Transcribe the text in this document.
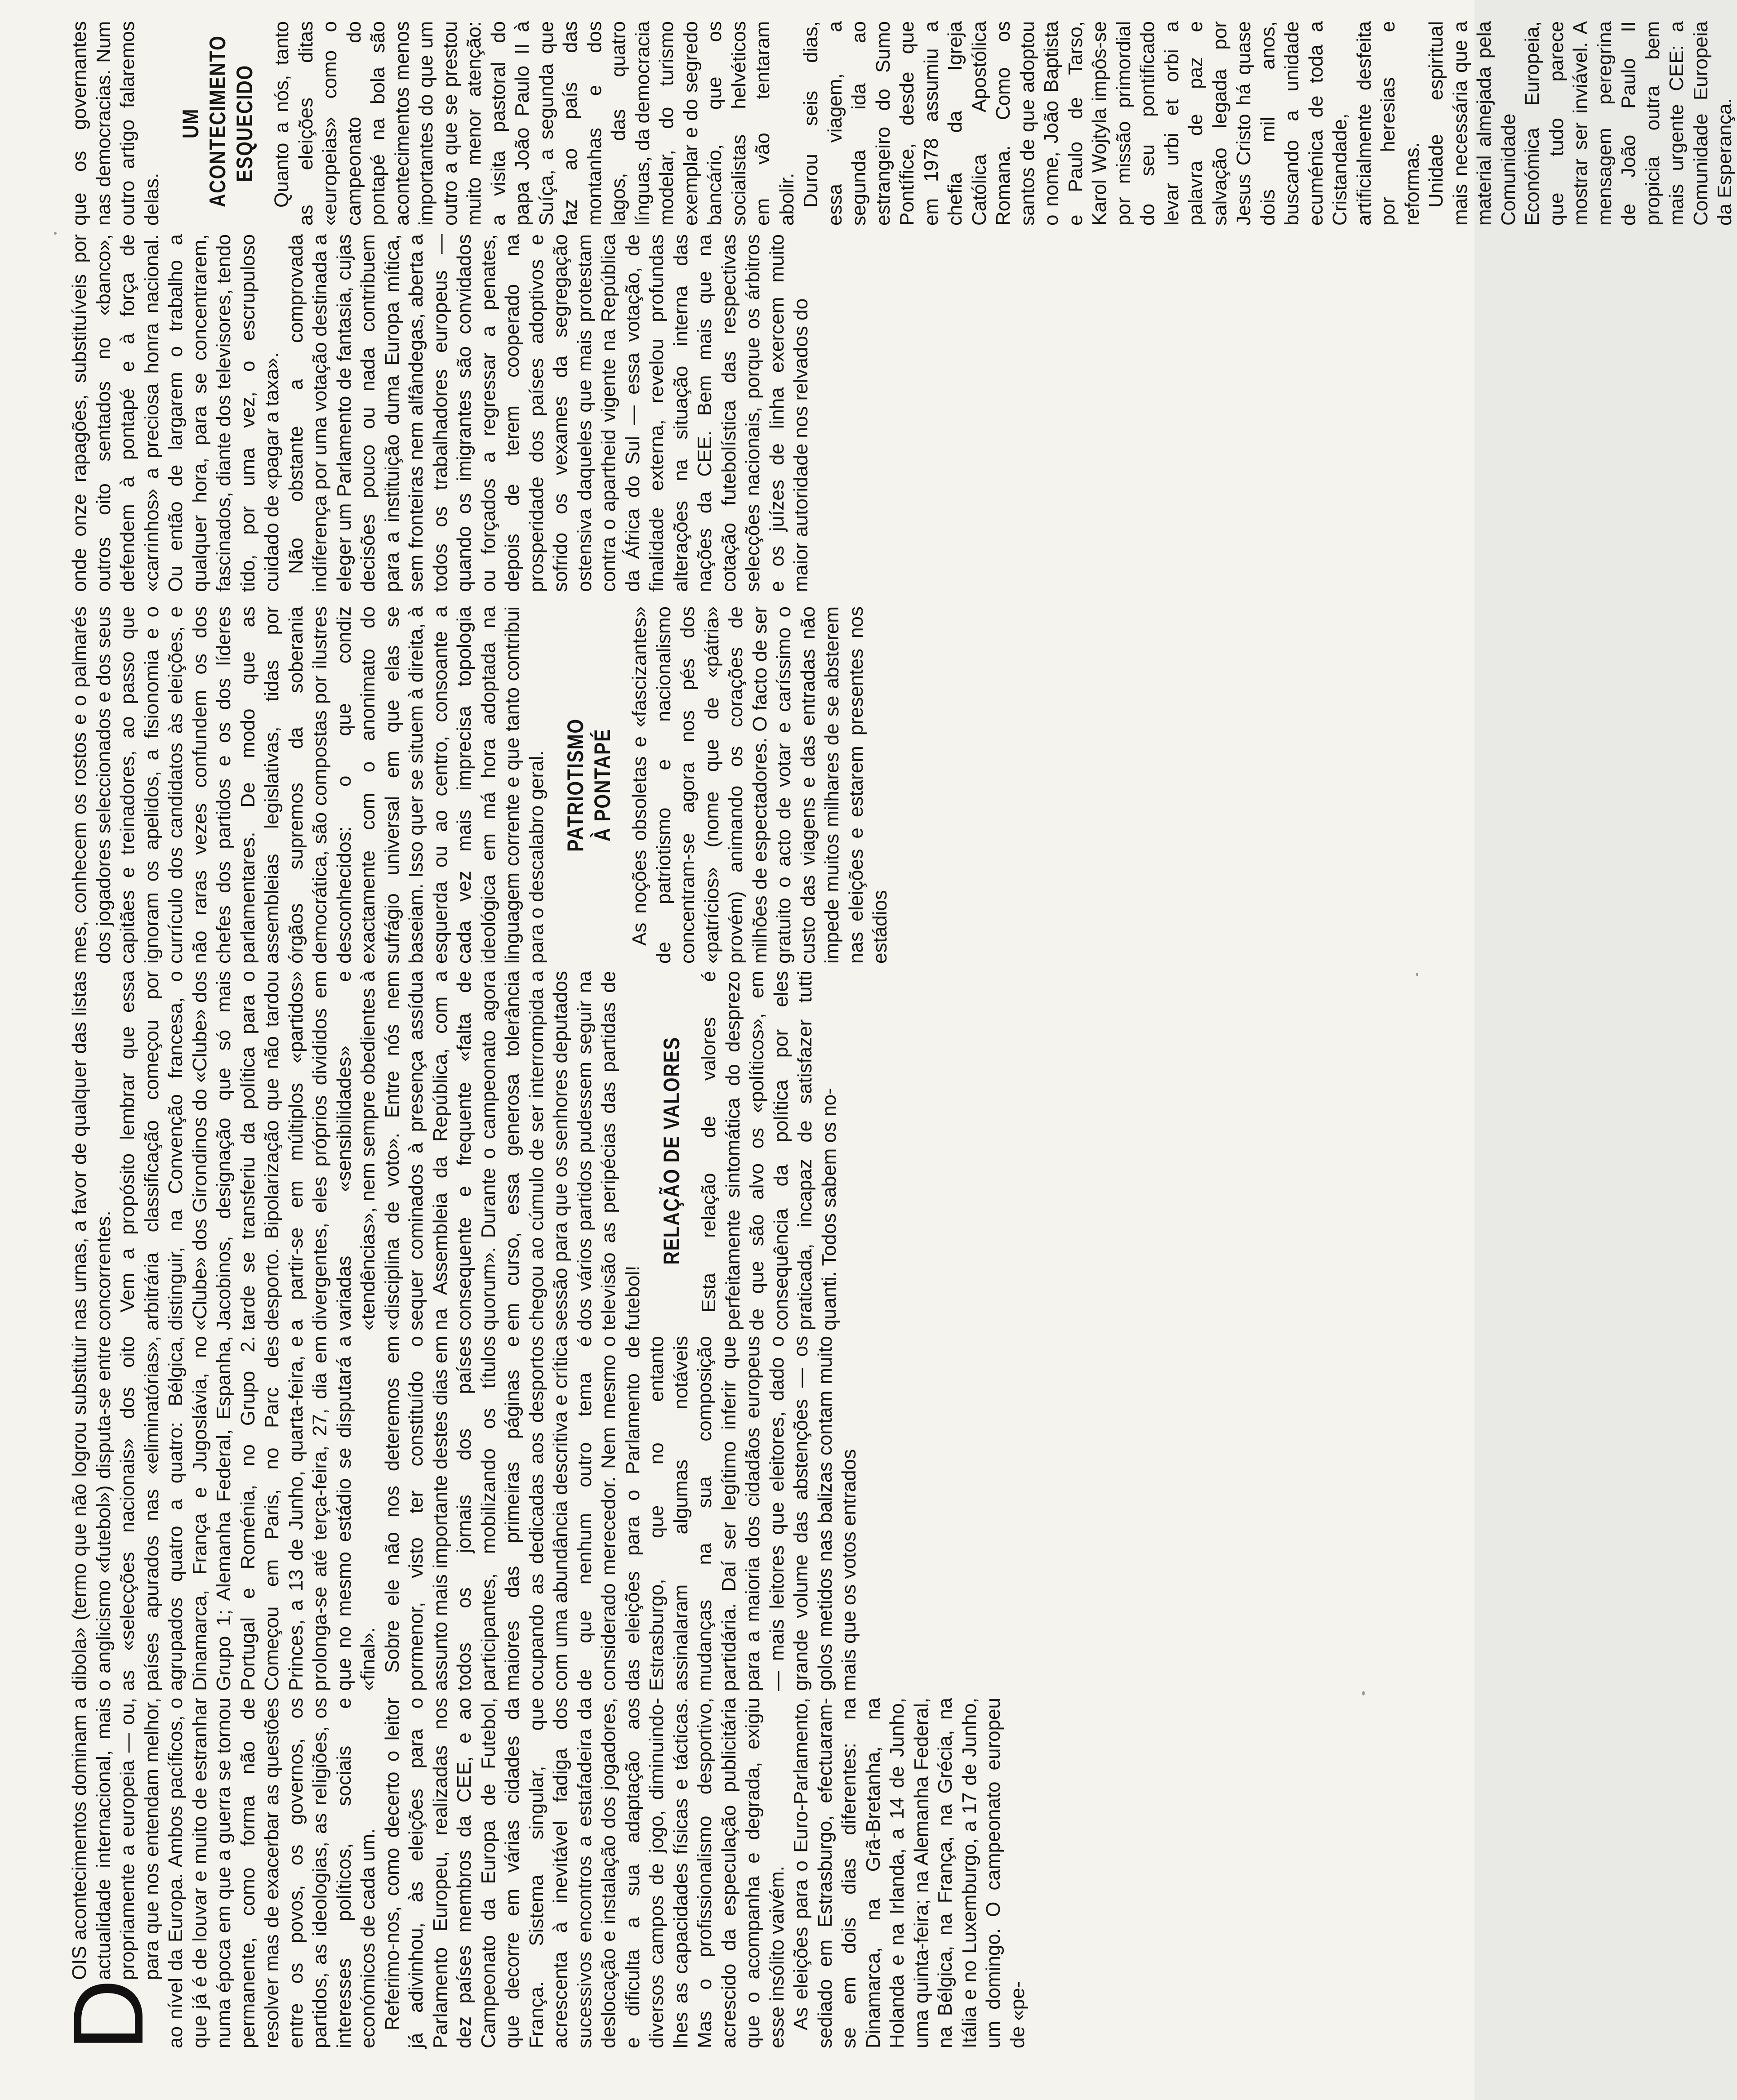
D

OIS acontecimentos dominam a actualidade internacional, mais propriamente a europeia — ou, para que nos entendam melhor, ao nível da Europa. Ambos pacíficos, o que já é de louvar e muito de estranhar numa época em que a guerra se tornou permanente, como forma não de resolver mas de exacerbar as questões entre os povos, os governos, os partidos, as ideologias, as religiões, os interesses políticos, sociais e económicos de cada um. Referimo-nos, como decerto o leitor já adivinhou, às eleições para o Parlamento Europeu, realizadas nos dez países membros da CEE, e ao Campeonato da Europa de Futebol, que decorre em várias cidades da França. Sistema singular, que acrescenta à inevitável fadiga dos sucessivos encontros a estafadeira da deslocação e instalação dos jogadores, e dificulta a sua adaptação aos diversos campos de jogo, diminuindo-lhes as capacidades físicas e tácticas. Mas o profissionalismo desportivo, acrescido da especulação publicitária que o acompanha e degrada, exigiu esse insólito vaivém. As eleições para o Euro-Parlamento, sediado em Estrasburgo, efectuaram-se em dois dias diferentes: na Dinamarca, na Grã-Bretanha, na Holanda e na Irlanda, a 14 de Junho, uma quinta-feira; na Alemanha Federal, na Bélgica, na França, na Grécia, na Itália e no Luxemburgo, a 17 de Junho, um domingo. O campeonato europeu de «pe-

dibola» (termo que não logrou substituir o anglicismo «futebol») disputa-se entre as «selecções nacionais» dos oito países apurados nas «eliminatórias», agrupados quatro a quatro: Bélgica, Dinamarca, França e Jugoslávia, no Grupo 1; Alemanha Federal, Espanha, Portugal e Roménia, no Grupo 2. Começou em Paris, no Parc des Princes, a 13 de Junho, quarta-feira, e prolonga-se até terça-feira, 27, dia em que no mesmo estádio se disputará a «final». Sobre ele não nos deteremos em pormenor, visto ter constituído o assunto mais importante destes dias em todos os jornais dos países participantes, mobilizando os títulos maiores das primeiras páginas e ocupando as dedicadas aos desportos com uma abundância descritiva e crítica de que nenhum outro tema é considerado merecedor. Nem mesmo o das eleições para o Parlamento de Estrasburgo, que no entanto assinalaram algumas notáveis mudanças na sua composição partidária. Daí ser legítimo inferir que para a maioria dos cidadãos europeus — mais leitores que eleitores, dado o grande volume das abstenções — os golos metidos nas balizas contam muito mais que os votos entrados

nas urnas, a favor de qualquer das listas concorrentes. Vem a propósito lembrar que essa arbitrária classificação começou por distinguir, na Convenção francesa, o «Clube» dos Girondinos do «Clube» dos Jacobinos, designação que só mais tarde se transferiu da política para o desporto. Bipolarização que não tardou a partir-se em múltiplos «partidos» divergentes, eles próprios divididos em variadas «sensibilidades» e «tendências», nem sempre obedientes à «disciplina de voto». Entre nós nem sequer cominados à presença assídua na Assembleia da República, com a consequente e frequente «falta de quorum». Durante o campeonato agora em curso, essa generosa tolerância chegou ao cúmulo de ser interrompida a sessão para que os senhores deputados dos vários partidos pudessem seguir na televisão as peripécias das partidas de futebol!

RELAÇÃO DE VALORES Esta relação de valores é perfeitamente sintomática do desprezo de que são alvo os «políticos», em consequência da política por eles praticada, incapaz de satisfazer tutti quanti. Todos sabem os no-

mes, conhecem os rostos e o palmarés dos jogadores seleccionados e dos seus capitães e treinadores, ao passo que ignoram os apelidos, a fisionomia e o currículo dos candidatos às eleições, e não raras vezes confundem os dos chefes dos partidos e os dos líderes parlamentares. De modo que as assembleias legislativas, tidas por órgãos supremos da soberania democrática, são compostas por ilustres desconhecidos: o que condiz exactamente com o anonimato do sufrágio universal em que elas se baseiam. Isso quer se situem à direita, à esquerda ou ao centro, consoante a cada vez mais imprecisa topologia ideológica em má hora adoptada na linguagem corrente e que tanto contribui para o descalabro geral. PATRIOTISMO À PONTAPÉ As noções obsoletas e «fascizantes» de patriotismo e nacionalismo concentram-se agora nos pés dos «patrícios» (nome que de «pátria» provém) animando os corações de milhões de espectadores. O facto de ser gratuito o acto de votar e caríssimo o custo das viagens e das entradas não impede muitos milhares de se absterem nas eleições e estarem presentes nos estádios

onde onze rapagões, substituíveis por outros oito sentados no «banco», defendem à pontapé e à força de «carrinhos» a preciosa honra nacional. Ou então de largarem o trabalho a qualquer hora, para se concentrarem, fascinados, diante dos televisores, tendo tido, por uma vez, o escrupuloso cuidado de «pagar a taxa». Não obstante a comprovada indiferença por uma votação destinada a eleger um Parlamento de fantasia, cujas decisões pouco ou nada contribuem para a instituição duma Europa mítica, sem fronteiras nem alfândegas, aberta a todos os trabalhadores europeus — quando os imigrantes são convidados ou forçados a regressar a penates, depois de terem cooperado na prosperidade dos países adoptivos e sofrido os vexames da segregação ostensiva daqueles que mais protestam contra o apartheid vigente na República da África do Sul — essa votação, de finalidade externa, revelou profundas alterações na situação interna das nações da CEE. Bem mais que na cotação futebolística das respectivas selecções nacionais, porque os árbitros e os juízes de linha exercem muito maior autoridade nos relvados do

que os governantes nas democracias. Num outro artigo falaremos delas.

UM ACONTECIMENTO ESQUECIDO Quanto a nós, tanto as eleições ditas «europeias» como o campeonato do pontapé na bola são acontecimentos menos importantes do que um outro a que se prestou muito menor atenção: a visita pastoral do papa João Paulo II à Suíça, a segunda que faz ao país das montanhas e dos lagos, das quatro línguas, da democracia modelar, do turismo exemplar e do segredo bancário, que os socialistas helvéticos em vão tentaram abolir. Durou seis dias, essa viagem, a segunda ida ao estrangeiro do Sumo Pontífice, desde que em 1978 assumiu a chefia da Igreja Católica Apostólica Romana. Como os santos de que adoptou o nome, João Baptista e Paulo de Tarso, Karol Wojtyla impôs-se por missão primordial do seu pontificado levar urbi et orbi a palavra de paz e salvação legada por Jesus Cristo há quase dois mil anos, buscando a unidade ecuménica de toda a Cristandade, artificialmente desfeita por heresias e reformas. Unidade espiritual mais necessária que a material almejada pela Comunidade Económica Europeia, que tudo parece mostrar ser inviável. A mensagem peregrina de João Paulo II propicia outra bem mais urgente CEE: a Comunidade Europeia da Esperança.
